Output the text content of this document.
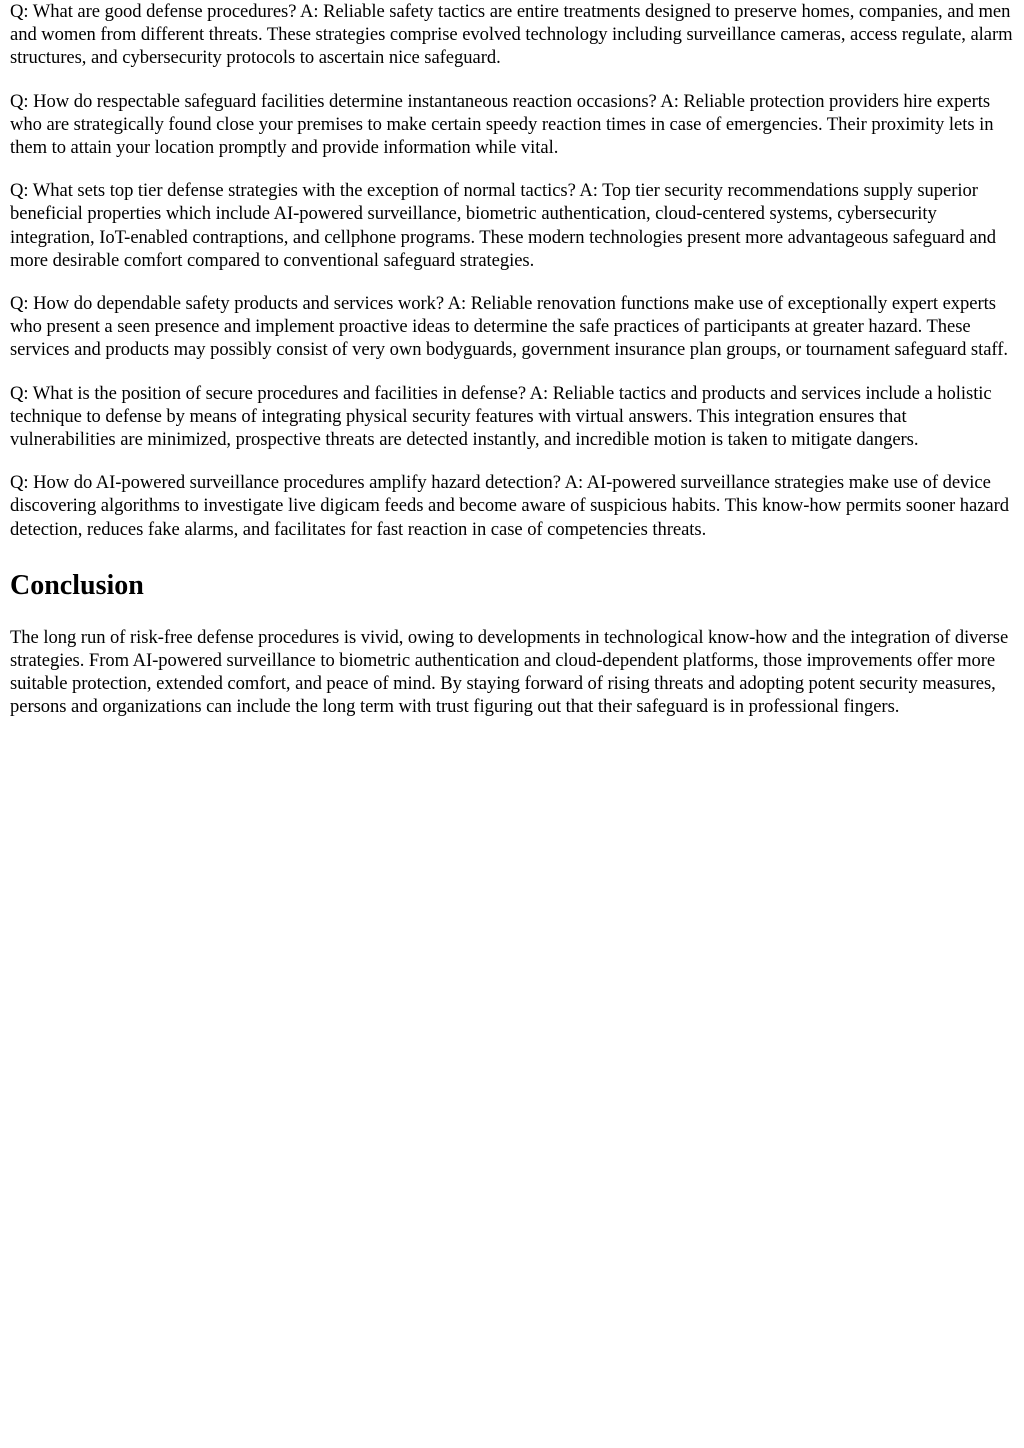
Q: What are good defense procedures? A: Reliable safety tactics are entire treatments designed to preserve homes, companies, and men and women from different threats. These strategies comprise evolved technology including surveillance cameras, access regulate, alarm structures, and cybersecurity protocols to ascertain nice safeguard.

Q: How do respectable safeguard facilities determine instantaneous reaction occasions? A: Reliable protection providers hire experts who are strategically found close your premises to make certain speedy reaction times in case of emergencies. Their proximity lets in them to attain your location promptly and provide information while vital.

Q: What sets top tier defense strategies with the exception of normal tactics? A: Top tier security recommendations supply superior beneficial properties which include AI-powered surveillance, biometric authentication, cloud-centered systems, cybersecurity integration, IoT-enabled contraptions, and cellphone programs. These modern technologies present more advantageous safeguard and more desirable comfort compared to conventional safeguard strategies.

Q: How do dependable safety products and services work? A: Reliable renovation functions make use of exceptionally expert experts who present a seen presence and implement proactive ideas to determine the safe practices of participants at greater hazard. These services and products may possibly consist of very own bodyguards, government insurance plan groups, or tournament safeguard staff.

Q: What is the position of secure procedures and facilities in defense? A: Reliable tactics and products and services include a holistic technique to defense by means of integrating physical security features with virtual answers. This integration ensures that vulnerabilities are minimized, prospective threats are detected instantly, and incredible motion is taken to mitigate dangers.

Q: How do AI-powered surveillance procedures amplify hazard detection? A: AI-powered surveillance strategies make use of device discovering algorithms to investigate live digicam feeds and become aware of suspicious habits. This know-how permits sooner hazard detection, reduces fake alarms, and facilitates for fast reaction in case of competencies threats.

Conclusion

The long run of risk-free defense procedures is vivid, owing to developments in technological know-how and the integration of diverse strategies. From AI-powered surveillance to biometric authentication and cloud-dependent platforms, those improvements offer more suitable protection, extended comfort, and peace of mind. By staying forward of rising threats and adopting potent security measures, persons and organizations can include the long term with trust figuring out that their safeguard is in professional fingers.
